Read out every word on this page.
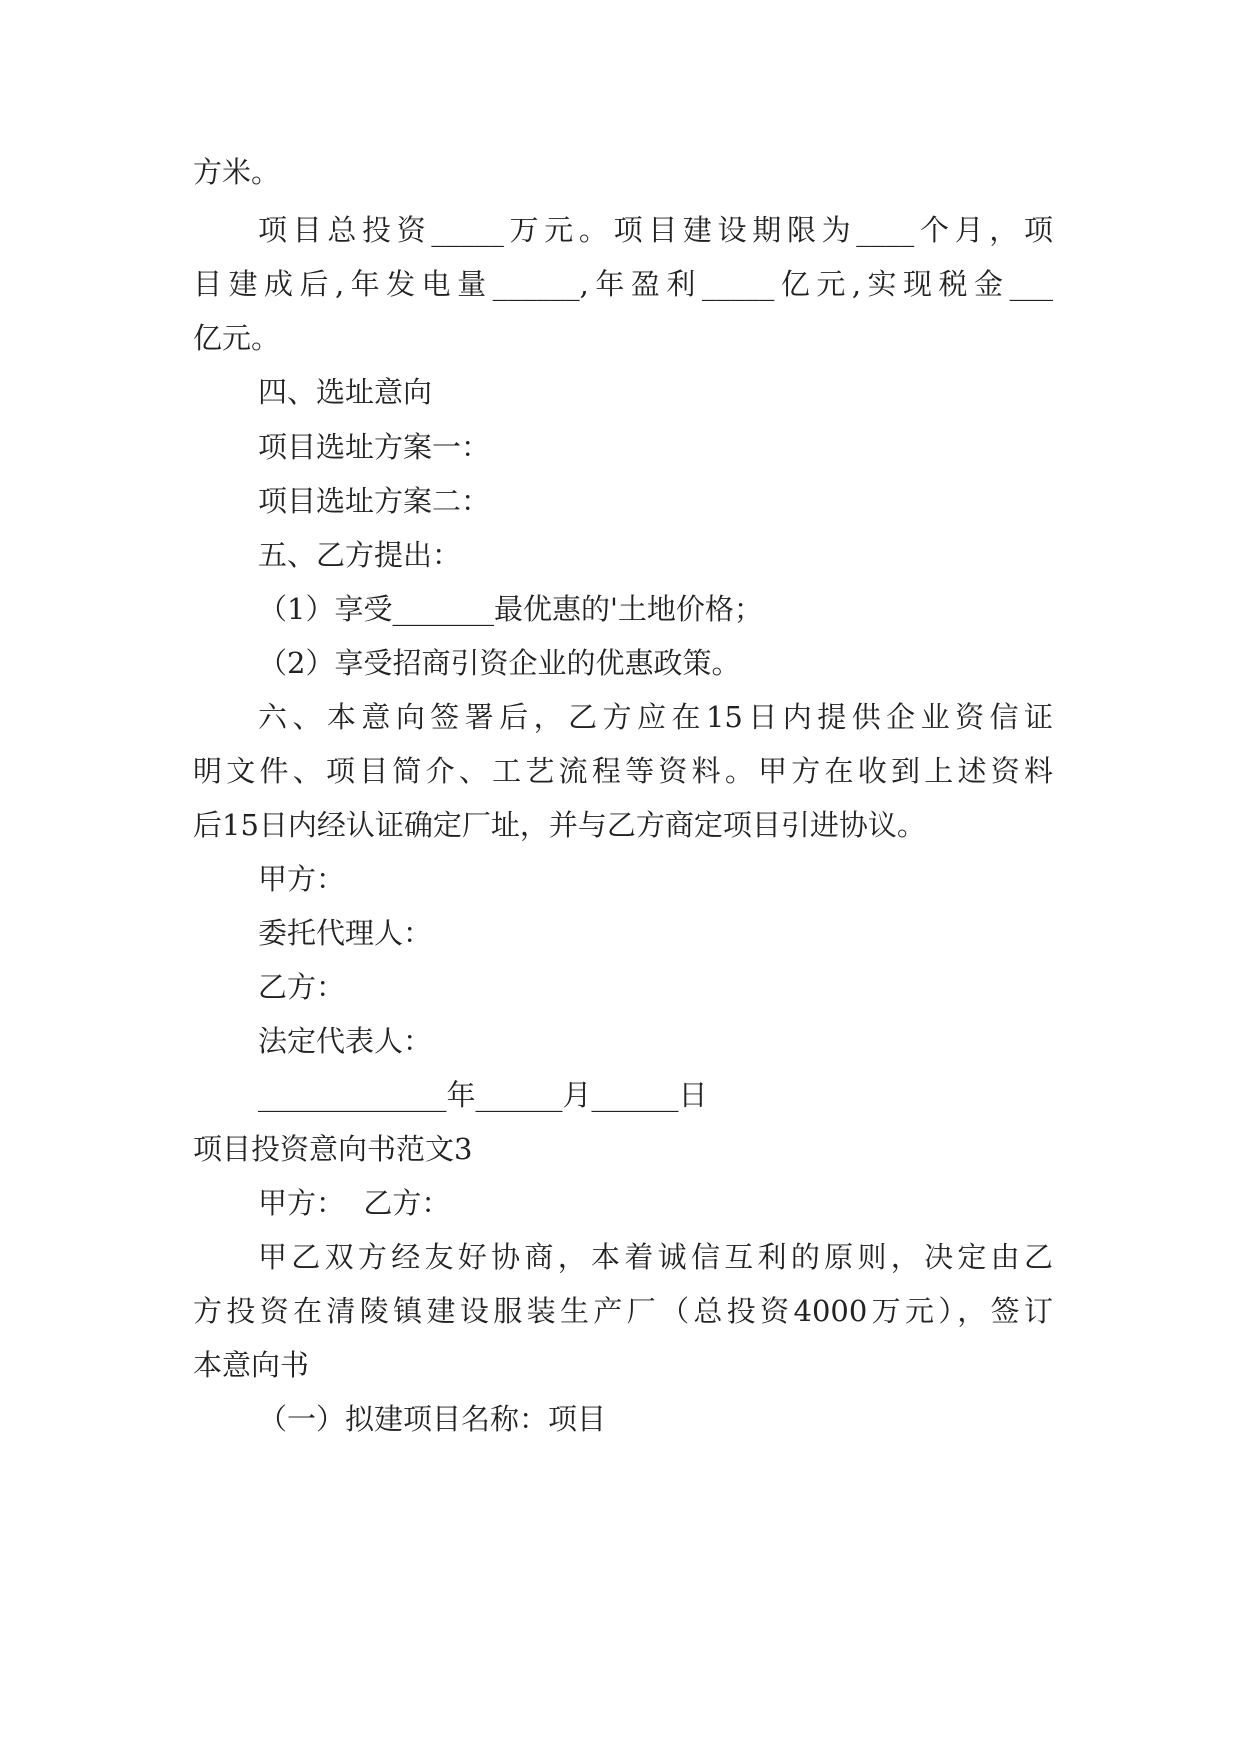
方米。
项目总投资_____万元。项目建设期限为____个月，项
目建成后,年发电量______,年盈利_____亿元,实现税金___
亿元。
四、选址意向
项目选址方案一：
项目选址方案二：
五、乙方提出：
（1）享受_______最优惠的'土地价格；
（2）享受招商引资企业的优惠政策。
六、本意向签署后，乙方应在15日内提供企业资信证
明文件、项目简介、工艺流程等资料。甲方在收到上述资料
后15日内经认证确定厂址，并与乙方商定项目引进协议。
甲方：
委托代理人：
乙方：
法定代表人：
_____________年______月______日
项目投资意向书范文3
甲方：  乙方：
甲乙双方经友好协商，本着诚信互利的原则，决定由乙
方投资在清陵镇建设服装生产厂（总投资4000万元），签订
本意向书
（一）拟建项目名称：项目
